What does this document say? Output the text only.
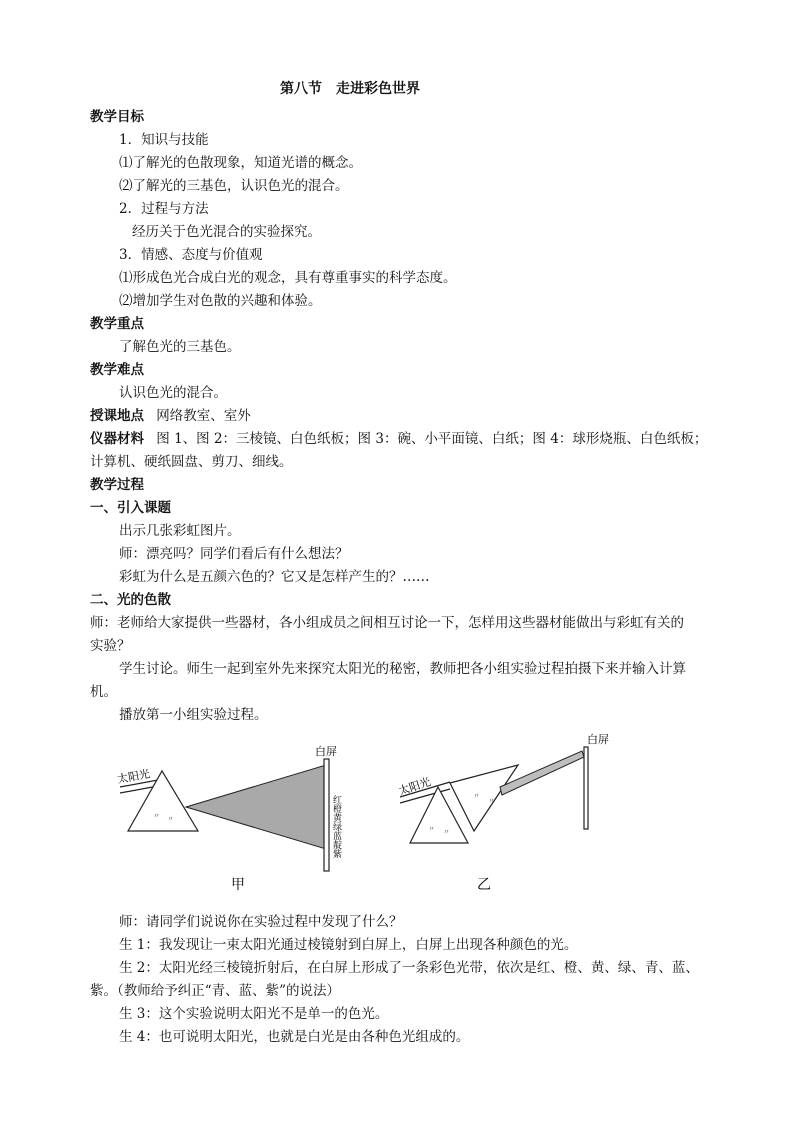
第八节　走进彩色世界
教学目标
1．知识与技能
⑴了解光的色散现象，知道光谱的概念。
⑵了解光的三基色，认识色光的混合。
2．过程与方法
经历关于色光混合的实验探究。
3．情感、态度与价值观
⑴形成色光合成白光的观念，具有尊重事实的科学态度。
⑵增加学生对色散的兴趣和体验。
教学重点
了解色光的三基色。
教学难点
认识色光的混合。
授课地点 网络教室、室外
仪器材料 图 1、图 2：三棱镜、白色纸板；图 3：碗、小平面镜、白纸；图 4：球形烧瓶、白色纸板；
计算机、硬纸圆盘、剪刀、细线。
教学过程
一、引入课题
出示几张彩虹图片。
师：漂亮吗？同学们看后有什么想法？
彩虹为什么是五颜六色的？它又是怎样产生的？……
二、光的色散
师：老师给大家提供一些器材，各小组成员之间相互讨论一下，怎样用这些器材能做出与彩虹有关的
实验？
学生讨论。师生一起到室外先来探究太阳光的秘密，教师把各小组实验过程拍摄下来并输入计算
机。
播放第一小组实验过程。
太阳光
〃 〃
白屏
红橙黄绿蓝靛紫
甲
太阳光
〃 〃
〃
〃
白屏
乙
师：请同学们说说你在实验过程中发现了什么？
生 1：我发现让一束太阳光通过棱镜射到白屏上，白屏上出现各种颜色的光。
生 2：太阳光经三棱镜折射后，在白屏上形成了一条彩色光带，依次是红、橙、黄、绿、青、蓝、
紫。（教师给予纠正“青、蓝、紫”的说法）
生 3：这个实验说明太阳光不是单一的色光。
生 4：也可说明太阳光，也就是白光是由各种色光组成的。
